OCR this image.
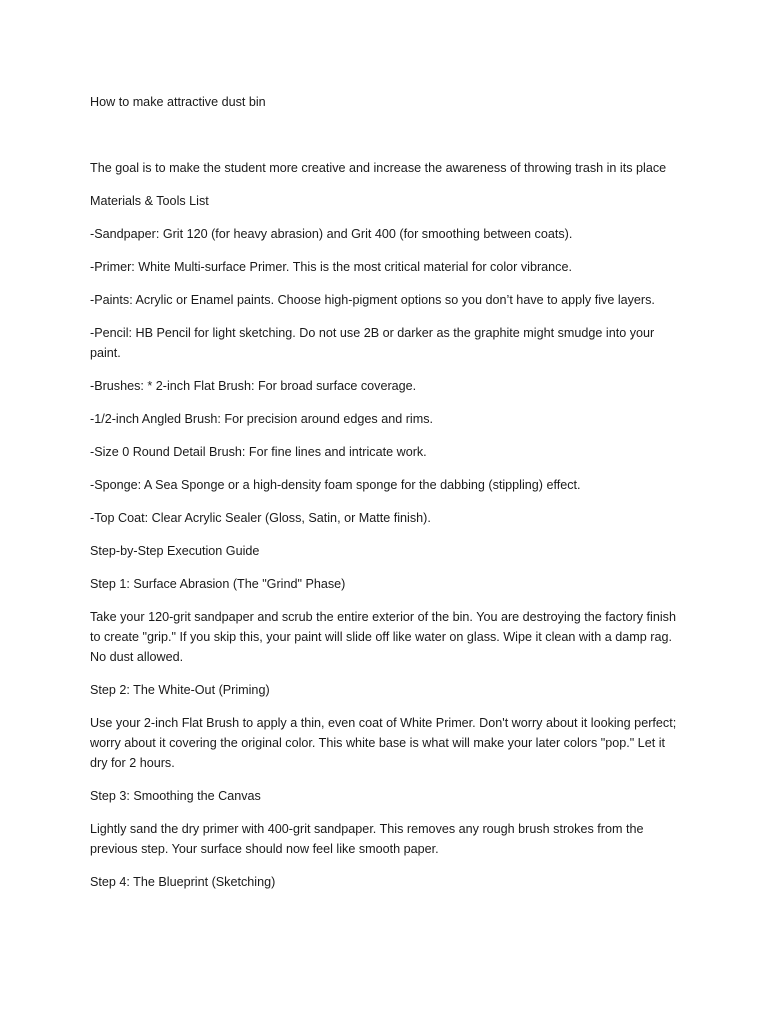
How to make attractive dust bin

The goal is to make the student more creative and increase the awareness of throwing trash in its place

Materials & Tools List

-Sandpaper: Grit 120 (for heavy abrasion) and Grit 400 (for smoothing between coats).

-Primer: White Multi-surface Primer. This is the most critical material for color vibrance.

-Paints: Acrylic or Enamel paints. Choose high-pigment options so you don’t have to apply five layers.

-Pencil: HB Pencil for light sketching. Do not use 2B or darker as the graphite might smudge into your paint.

-Brushes: * 2-inch Flat Brush: For broad surface coverage.

-1/2-inch Angled Brush: For precision around edges and rims.

-Size 0 Round Detail Brush: For fine lines and intricate work.

-Sponge: A Sea Sponge or a high-density foam sponge for the dabbing (stippling) effect.

-Top Coat: Clear Acrylic Sealer (Gloss, Satin, or Matte finish).

Step-by-Step Execution Guide

Step 1: Surface Abrasion (The "Grind" Phase)

Take your 120-grit sandpaper and scrub the entire exterior of the bin. You are destroying the factory finish to create "grip." If you skip this, your paint will slide off like water on glass. Wipe it clean with a damp rag. No dust allowed.

Step 2: The White-Out (Priming)

Use your 2-inch Flat Brush to apply a thin, even coat of White Primer. Don't worry about it looking perfect; worry about it covering the original color. This white base is what will make your later colors "pop." Let it dry for 2 hours.

Step 3: Smoothing the Canvas

Lightly sand the dry primer with 400-grit sandpaper. This removes any rough brush strokes from the previous step. Your surface should now feel like smooth paper.

Step 4: The Blueprint (Sketching)
